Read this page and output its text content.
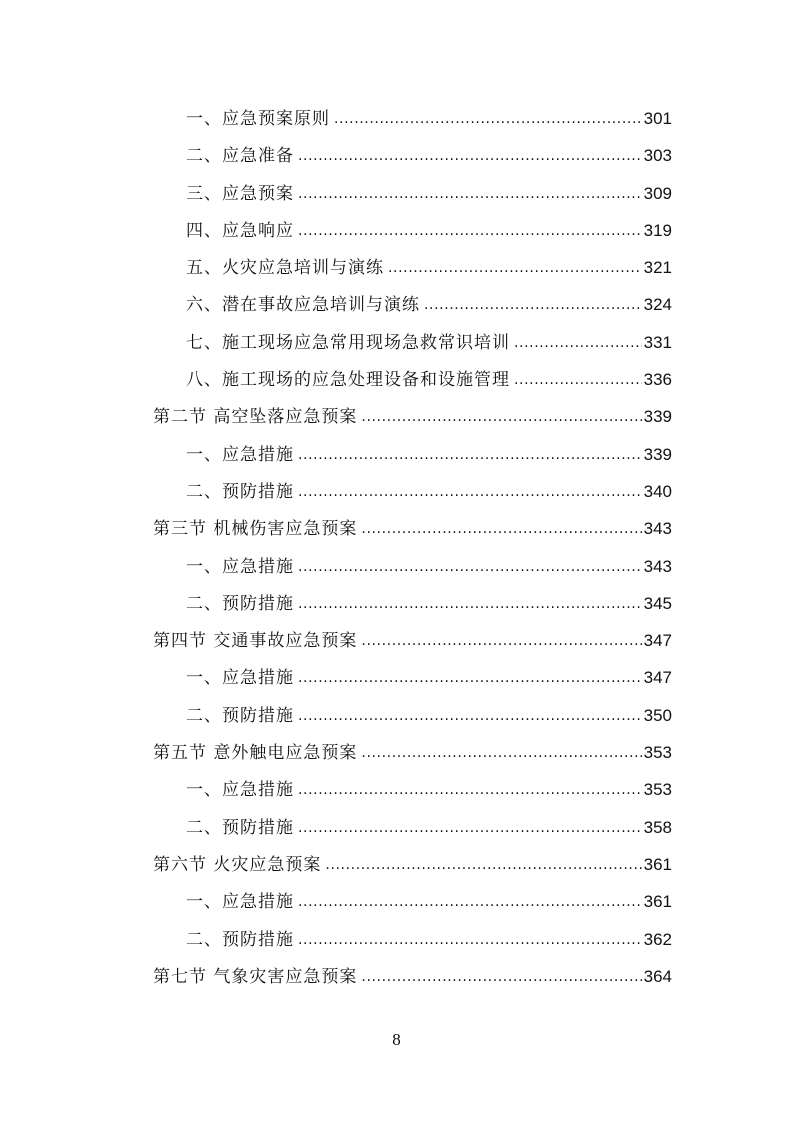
一、应急预案原则 .....	301
二、应急准备 .....	303
三、应急预案 .....	309
四、应急响应 .....	319
五、火灾应急培训与演练 .....	321
六、潜在事故应急培训与演练 .....	324
七、施工现场应急常用现场急救常识培训 .....	331
八、施工现场的应急处理设备和设施管理 .....	336
第二节 高空坠落应急预案 .....	339
一、应急措施 .....	339
二、预防措施 .....	340
第三节 机械伤害应急预案 .....	343
一、应急措施 .....	343
二、预防措施 .....	345
第四节 交通事故应急预案 .....	347
一、应急措施 .....	347
二、预防措施 .....	350
第五节 意外触电应急预案 .....	353
一、应急措施 .....	353
二、预防措施 .....	358
第六节 火灾应急预案 .....	361
一、应急措施 .....	361
二、预防措施 .....	362
第七节 气象灾害应急预案 .....	364
8
